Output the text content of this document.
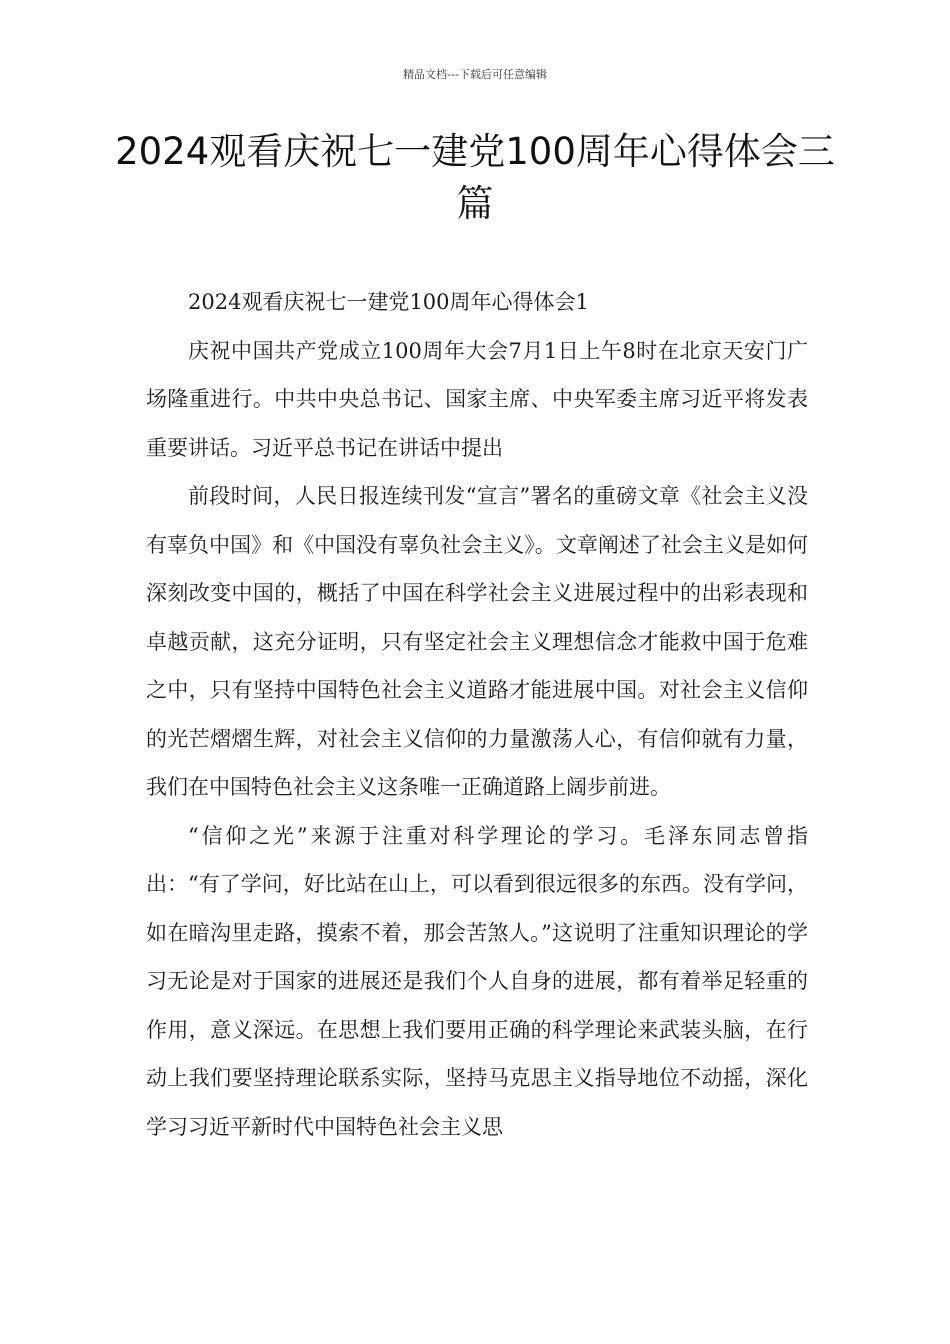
精品文档---下载后可任意编辑
2024观看庆祝七一建党100周年心得体会三篇

2024观看庆祝七一建党100周年心得体会1

庆祝中国共产党成立100周年大会7月1日上午8时在北京天安门广场隆重进行。中共中央总书记、国家主席、中央军委主席习近平将发表重要讲话。习近平总书记在讲话中提出

前段时间，人民日报连续刊发“宣言”署名的重磅文章《社会主义没有辜负中国》和《中国没有辜负社会主义》。文章阐述了社会主义是如何深刻改变中国的，概括了中国在科学社会主义进展过程中的出彩表现和卓越贡献，这充分证明，只有坚定社会主义理想信念才能救中国于危难之中，只有坚持中国特色社会主义道路才能进展中国。对社会主义信仰的光芒熠熠生辉，对社会主义信仰的力量激荡人心，有信仰就有力量，我们在中国特色社会主义这条唯一正确道路上阔步前进。

“信仰之光”来源于注重对科学理论的学习。毛泽东同志曾指出：“有了学问，好比站在山上，可以看到很远很多的东西。没有学问，如在暗沟里走路，摸索不着，那会苦煞人。”这说明了注重知识理论的学习无论是对于国家的进展还是我们个人自身的进展，都有着举足轻重的作用，意义深远。在思想上我们要用正确的科学理论来武装头脑，在行动上我们要坚持理论联系实际，坚持马克思主义指导地位不动摇，深化学习习近平新时代中国特色社会主义思
